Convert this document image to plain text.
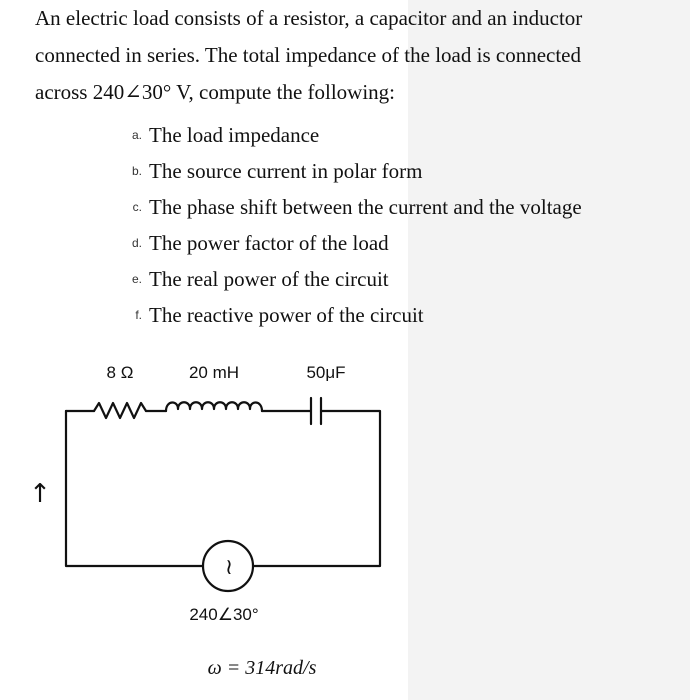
An electric load consists of a resistor, a capacitor and an inductor
connected in series. The total impedance of the load is connected
across 240∠30° V, compute the following:

a. The load impedance
b. The source current in polar form
c. The phase shift between the current and the voltage
d. The power factor of the load
e. The real power of the circuit
f. The reactive power of the circuit
8 Ω	20 mH	50μF
≀
↑
240∠30°
ω = 314rad/s
